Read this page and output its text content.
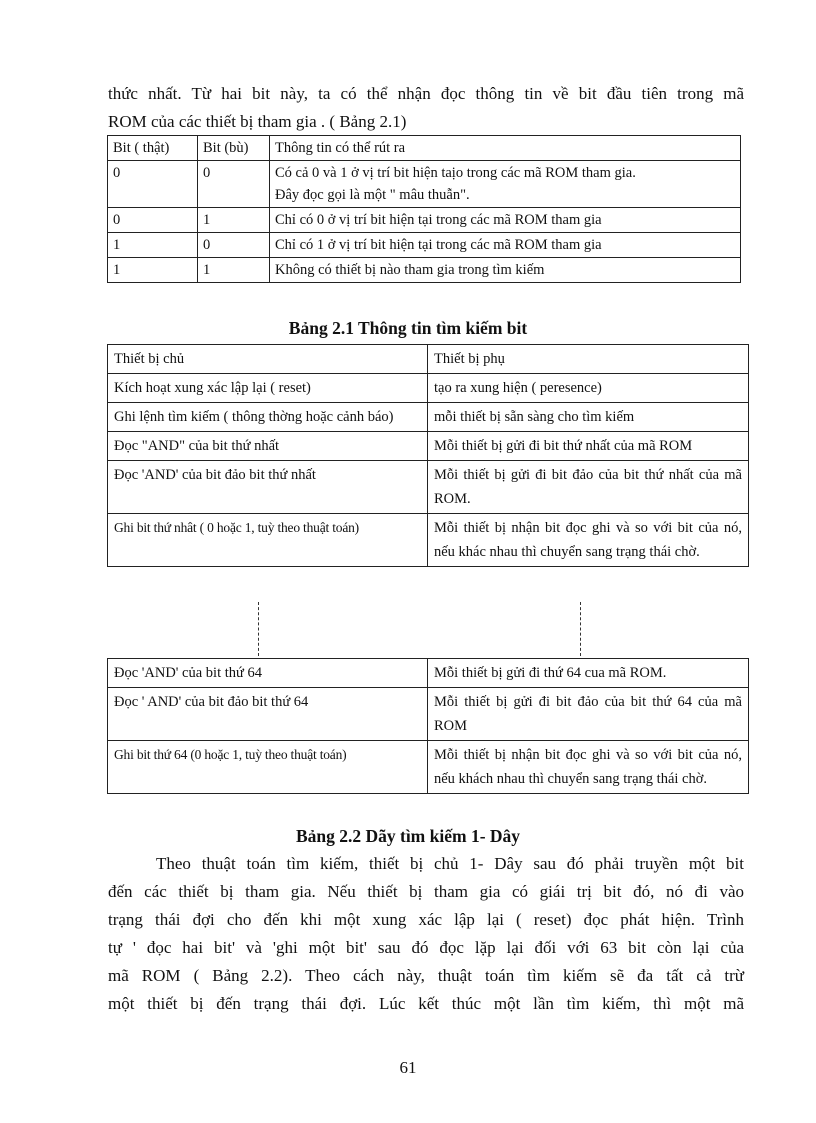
thức nhất. Từ hai bit này, ta có thể nhận đọc thông tin về bit đầu tiên trong mã
ROM của các thiết bị tham gia . ( Bảng 2.1)
Bit ( thật)	Bit (bù)	Thông tin có thể rút ra
0	0	Có cả 0 và 1 ở vị trí bit hiện taịo trong các mã ROM tham gia.
Đây đọc gọi là một " mâu thuẫn".

0	1	Chỉ có 0 ở vị trí bit hiện tại trong các mã ROM tham gia
1	0	Chỉ có 1 ở vị trí bit hiện tại trong các mã ROM tham gia
1	1	Không có thiết bị nào tham gia trong tìm kiếm
Bảng 2.1 Thông tin tìm kiếm bit
Thiết bị chủ	Thiết bị phụ
Kích hoạt xung xác lập lại ( reset)	tạo ra xung hiện ( peresence)
Ghi lệnh tìm kiếm ( thông thờng hoặc cảnh báo)	mỗi thiết bị sẵn sàng cho tìm kiếm
Đọc "AND" của bit thứ nhất	Mỗi thiết bị gửi đi bit thứ nhất của mã ROM
Đọc 'AND' của bit đảo bit thứ nhất	Mỗi thiết bị gửi đi bit đảo của bit thứ nhất của mã ROM.
Ghi bit thứ nhât ( 0 hoặc 1, tuỳ theo thuật toán)	Mỗi thiết bị nhận bit đọc ghi và so với bit của nó, nếu khác nhau thì chuyển sang trạng thái chờ.
Đọc 'AND' của bit thứ 64	Mỗi thiết bị gửi đi thứ 64 cua mã ROM.
Đọc ' AND' của bit đảo bit thứ 64	Mỗi thiết bị gửi đi bit đảo của bit thứ 64 của mã ROM
Ghi bit thứ 64 (0 hoặc 1, tuỳ theo thuật toán)	Mỗi thiết bị nhận bit đọc ghi và so với bit của nó, nếu khách nhau thì chuyển sang trạng thái chờ.
Bảng 2.2 Dãy tìm kiếm 1- Dây
Theo thuật toán tìm kiếm, thiết bị chủ 1- Dây sau đó phải truyền một bit
đến các thiết bị tham gia. Nếu thiết bị tham gia có giái trị bit đó, nó đi vào
trạng thái đợi cho đến khi một xung xác lập lại ( reset) đọc phát hiện. Trình
tự ' đọc hai bit' và 'ghi một bit' sau đó đọc lặp lại đối với 63 bit còn lại của
mã ROM ( Bảng 2.2). Theo cách này, thuật toán tìm kiếm sẽ đa tất cả trừ
một thiết bị đến trạng thái đợi. Lúc kết thúc một lần tìm kiếm, thì một mã
61
